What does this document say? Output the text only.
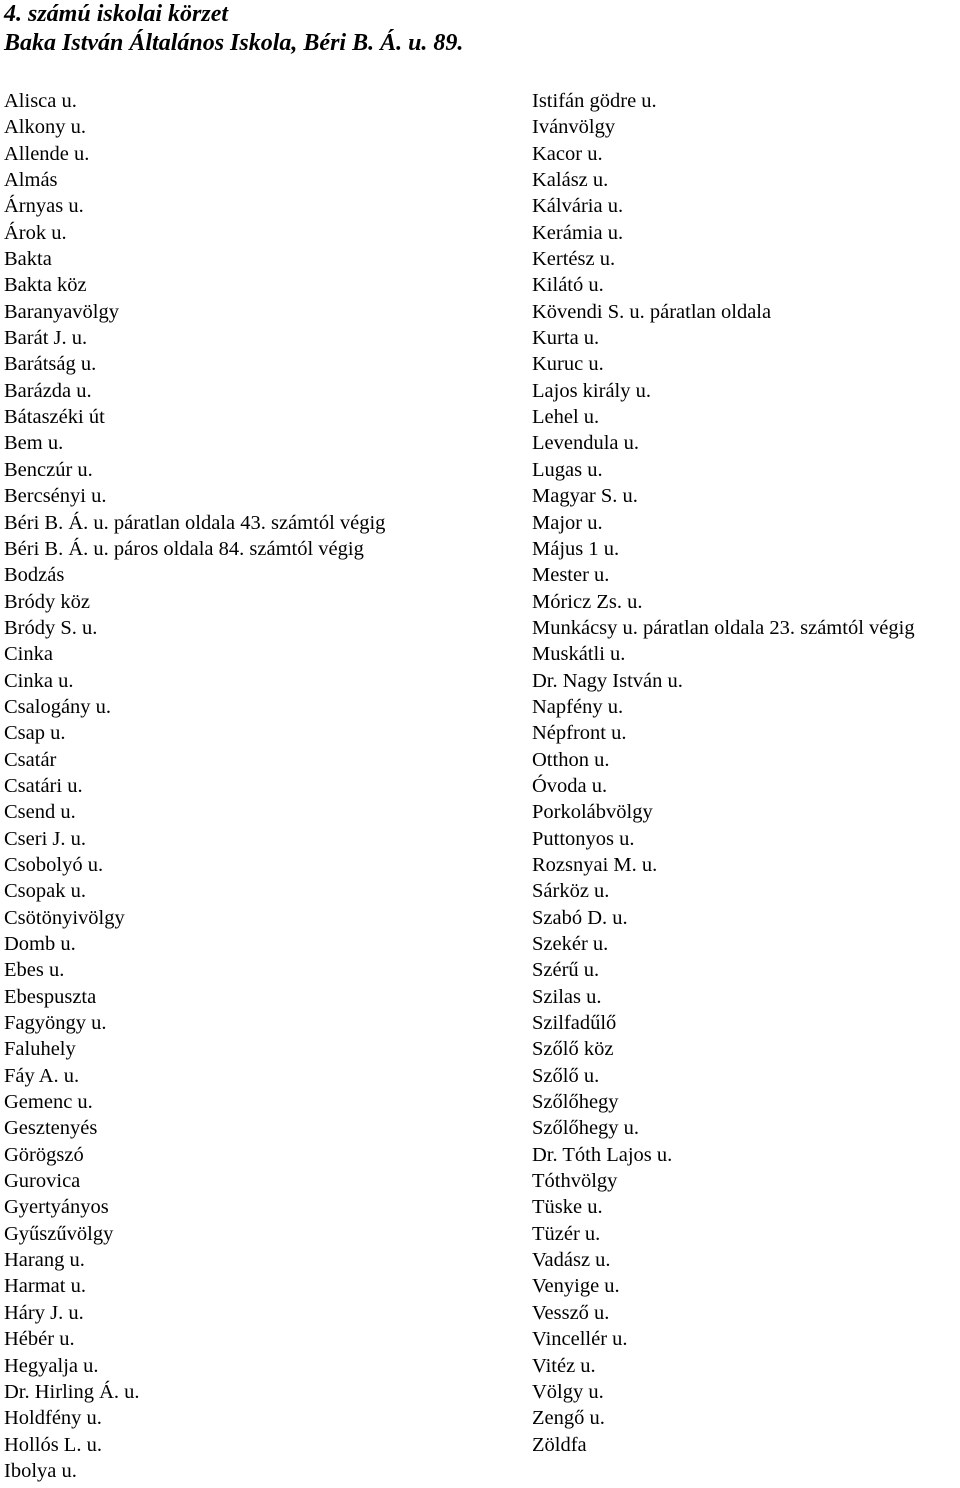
4. számú iskolai körzet
Baka István Általános Iskola, Béri B. Á. u. 89.
Alisca u.
Alkony u.
Allende u.
Almás
Árnyas u.
Árok u.
Bakta
Bakta köz
Baranyavölgy
Barát J. u.
Barátság u.
Barázda u.
Bátaszéki út
Bem u.
Benczúr u.
Bercsényi u.
Béri B. Á. u. páratlan oldala 43. számtól végig
Béri B. Á. u. páros oldala 84. számtól végig
Bodzás
Bródy köz
Bródy S. u.
Cinka
Cinka u.
Csalogány u.
Csap u.
Csatár
Csatári u.
Csend u.
Cseri J. u.
Csobolyó u.
Csopak u.
Csötönyivölgy
Domb u.
Ebes u.
Ebespuszta
Fagyöngy u.
Faluhely
Fáy A. u.
Gemenc u.
Gesztenyés
Görögszó
Gurovica
Gyertyányos
Gyűszűvölgy
Harang u.
Harmat u.
Háry J. u.
Hébér u.
Hegyalja u.
Dr. Hirling Á. u.
Holdfény u.
Hollós L. u.
Ibolya u.
Istifán gödre u.
Ivánvölgy
Kacor u.
Kalász u.
Kálvária u.
Kerámia u.
Kertész u.
Kilátó u.
Kövendi S. u. páratlan oldala
Kurta u.
Kuruc u.
Lajos király u.
Lehel u.
Levendula u.
Lugas u.
Magyar S. u.
Major u.
Május 1 u.
Mester u.
Móricz Zs. u.
Munkácsy u. páratlan oldala 23. számtól végig
Muskátli u.
Dr. Nagy István u.
Napfény u.
Népfront u.
Otthon u.
Óvoda u.
Porkolábvölgy
Puttonyos u.
Rozsnyai M. u.
Sárköz u.
Szabó D. u.
Szekér u.
Szérű u.
Szilas u.
Szilfadűlő
Szőlő köz
Szőlő u.
Szőlőhegy
Szőlőhegy u.
Dr. Tóth Lajos u.
Tóthvölgy
Tüske u.
Tüzér u.
Vadász u.
Venyige u.
Vessző u.
Vincellér u.
Vitéz u.
Völgy u.
Zengő u.
Zöldfa
